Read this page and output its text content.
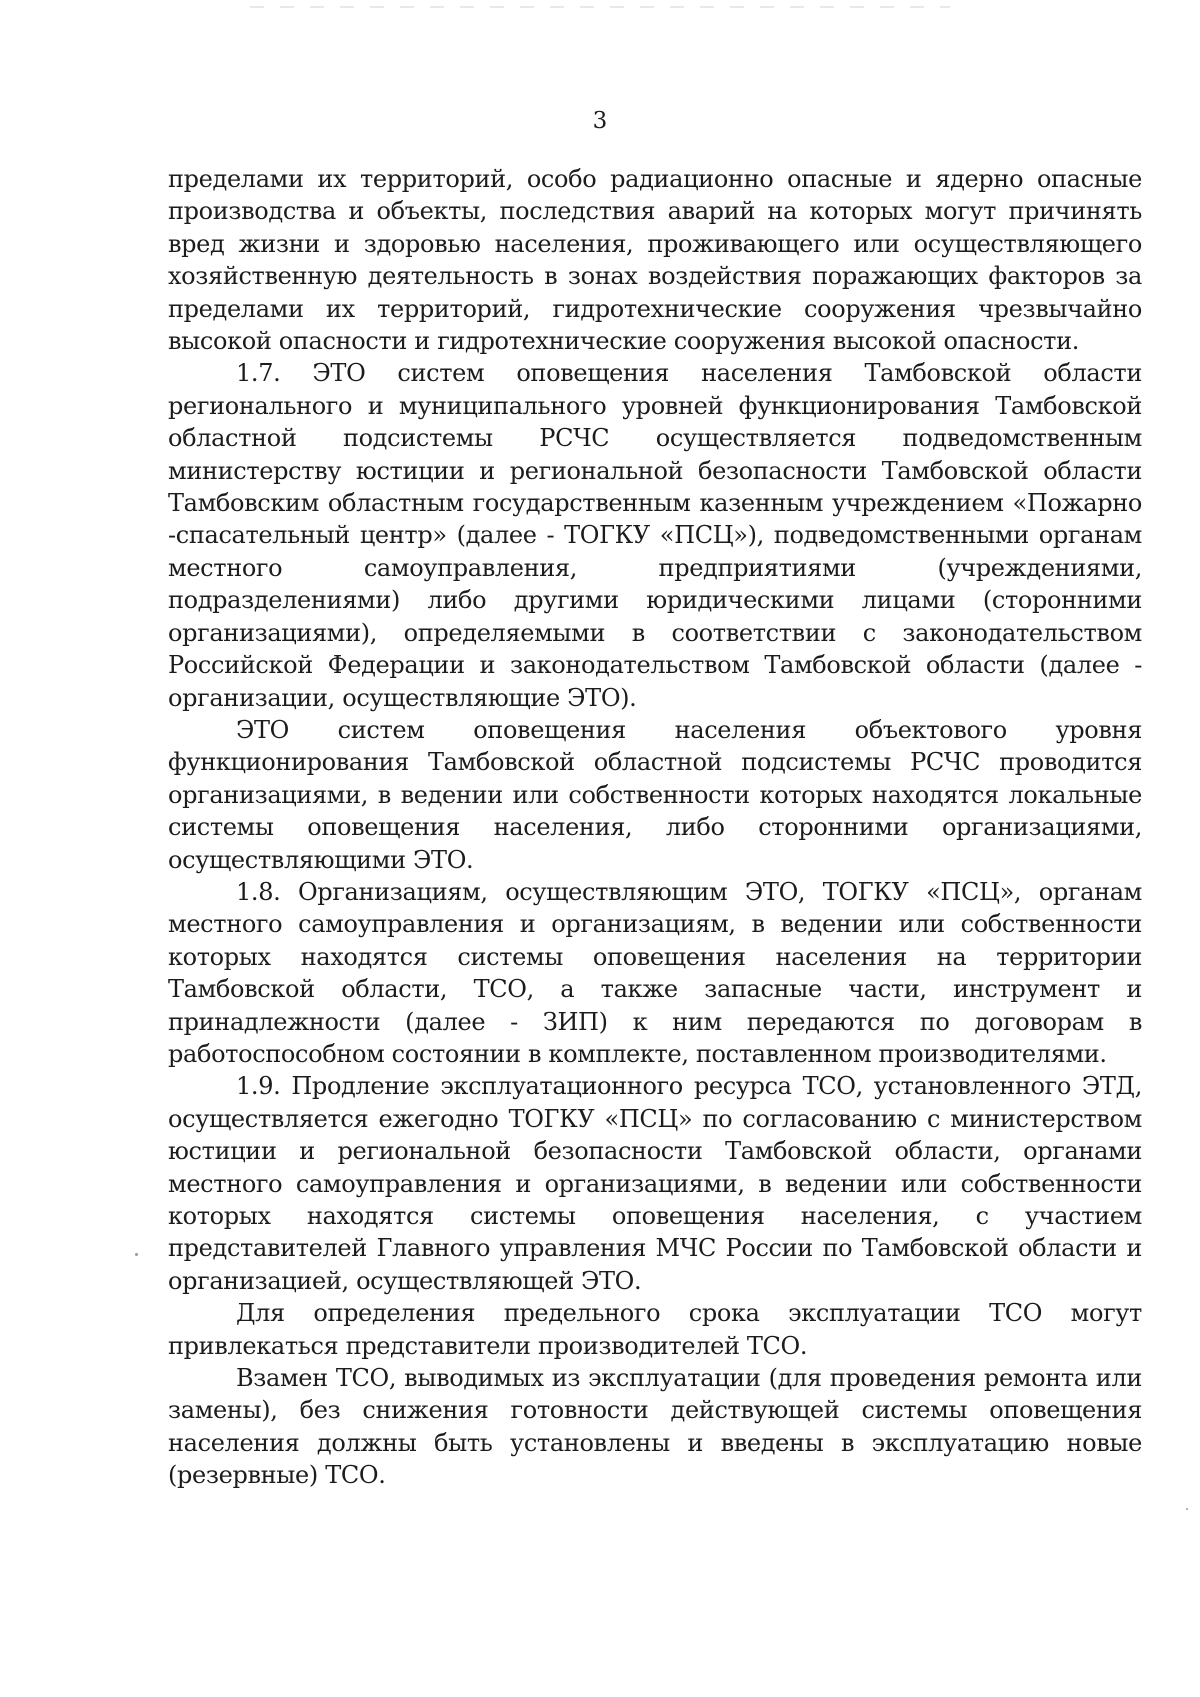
3

пределами их территорий, особо радиационно опасные и ядерно опасные производства и объекты, последствия аварий на которых могут причинять вред жизни и здоровью населения, проживающего или осуществляющего хозяйственную деятельность в зонах воздействия поражающих факторов за пределами их территорий, гидротехнические сооружения чрезвычайно высокой опасности и гидротехнические сооружения высокой опасности.

1.7. ЭТО систем оповещения населения Тамбовской области регионального и муниципального уровней функционирования Тамбовской областной подсистемы РСЧС осуществляется подведомственным министерству юстиции и региональной безопасности Тамбовской области Тамбовским областным государственным казенным учреждением «Пожарно -спасательный центр» (далее - ТОГКУ «ПСЦ»), подведомственными органам местного самоуправления, предприятиями (учреждениями, подразделениями) либо другими юридическими лицами (сторонними организациями), определяемыми в соответствии с законодательством Российской Федерации и законодательством Тамбовской области (далее - организации, осуществляющие ЭТО).

ЭТО систем оповещения населения объектового уровня функционирования Тамбовской областной подсистемы РСЧС проводится организациями, в ведении или собственности которых находятся локальные системы оповещения населения, либо сторонними организациями, осуществляющими ЭТО.

1.8. Организациям, осуществляющим ЭТО, ТОГКУ «ПСЦ», органам местного самоуправления и организациям, в ведении или собственности которых находятся системы оповещения населения на территории Тамбовской области, ТСО, а также запасные части, инструмент и принадлежности (далее - ЗИП) к ним передаются по договорам в работоспособном состоянии в комплекте, поставленном производителями.

1.9. Продление эксплуатационного ресурса ТСО, установленного ЭТД, осуществляется ежегодно ТОГКУ «ПСЦ» по согласованию с министерством юстиции и региональной безопасности Тамбовской области, органами местного самоуправления и организациями, в ведении или собственности которых находятся системы оповещения населения, с участием представителей Главного управления МЧС России по Тамбовской области и организацией, осуществляющей ЭТО.

Для определения предельного срока эксплуатации ТСО могут привлекаться представители производителей ТСО.

Взамен ТСО, выводимых из эксплуатации (для проведения ремонта или замены), без снижения готовности действующей системы оповещения населения должны быть установлены и введены в эксплуатацию новые (резервные) ТСО.
